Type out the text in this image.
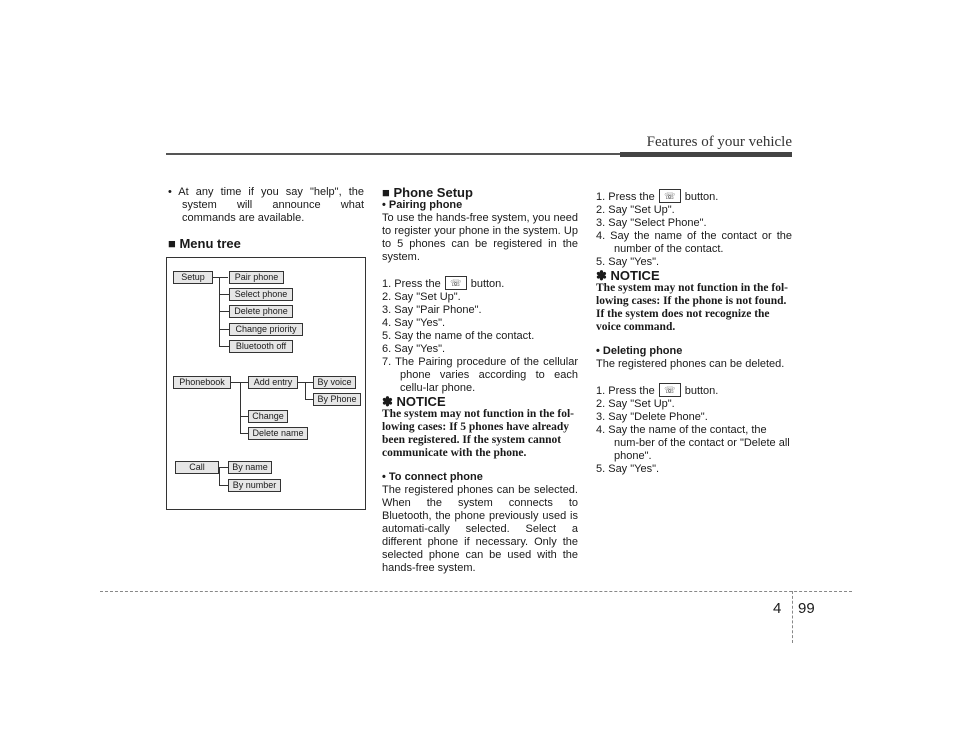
Features of your vehicle

• At any time if you say "help", the system will announce what commands are available.

■ Menu tree

Setup	Pair phone
Select phone
Delete phone
Change priority
Bluetooth off
Phonebook	Add entry	By voice
By Phone
Change
Delete name
Call	By name
By number

■ Phone Setup

• Pairing phone

To use the hands-free system, you need to register your phone in the system. Up to 5 phones can be registered in the system.

1. Press the ☏ button.

2. Say "Set Up".

3. Say "Pair Phone".

4. Say "Yes".

5. Say the name of the contact.

6. Say "Yes".

7. The Pairing procedure of the cellular phone varies according to each cellu-lar phone.

✽ NOTICE

The system may not function in the fol-lowing cases: If 5 phones have already been registered. If the system cannot communicate with the phone.

• To connect phone

The registered phones can be selected. When the system connects to Bluetooth, the phone previously used is automati-cally selected. Select a different phone if necessary. Only the selected phone can be used with the hands-free system.

1. Press the ☏ button.

2. Say "Set Up".

3. Say "Select Phone".

4. Say the name of the contact or the number of the contact.

5. Say "Yes".

✽ NOTICE

The system may not function in the fol-lowing cases: If the phone is not found. If the system does not recognize the voice command.

• Deleting phone

The registered phones can be deleted.

1. Press the ☏ button.

2. Say "Set Up".

3. Say "Delete Phone".

4. Say the name of the contact, the num-ber of the contact or "Delete all phone".

5. Say "Yes".

4 99
